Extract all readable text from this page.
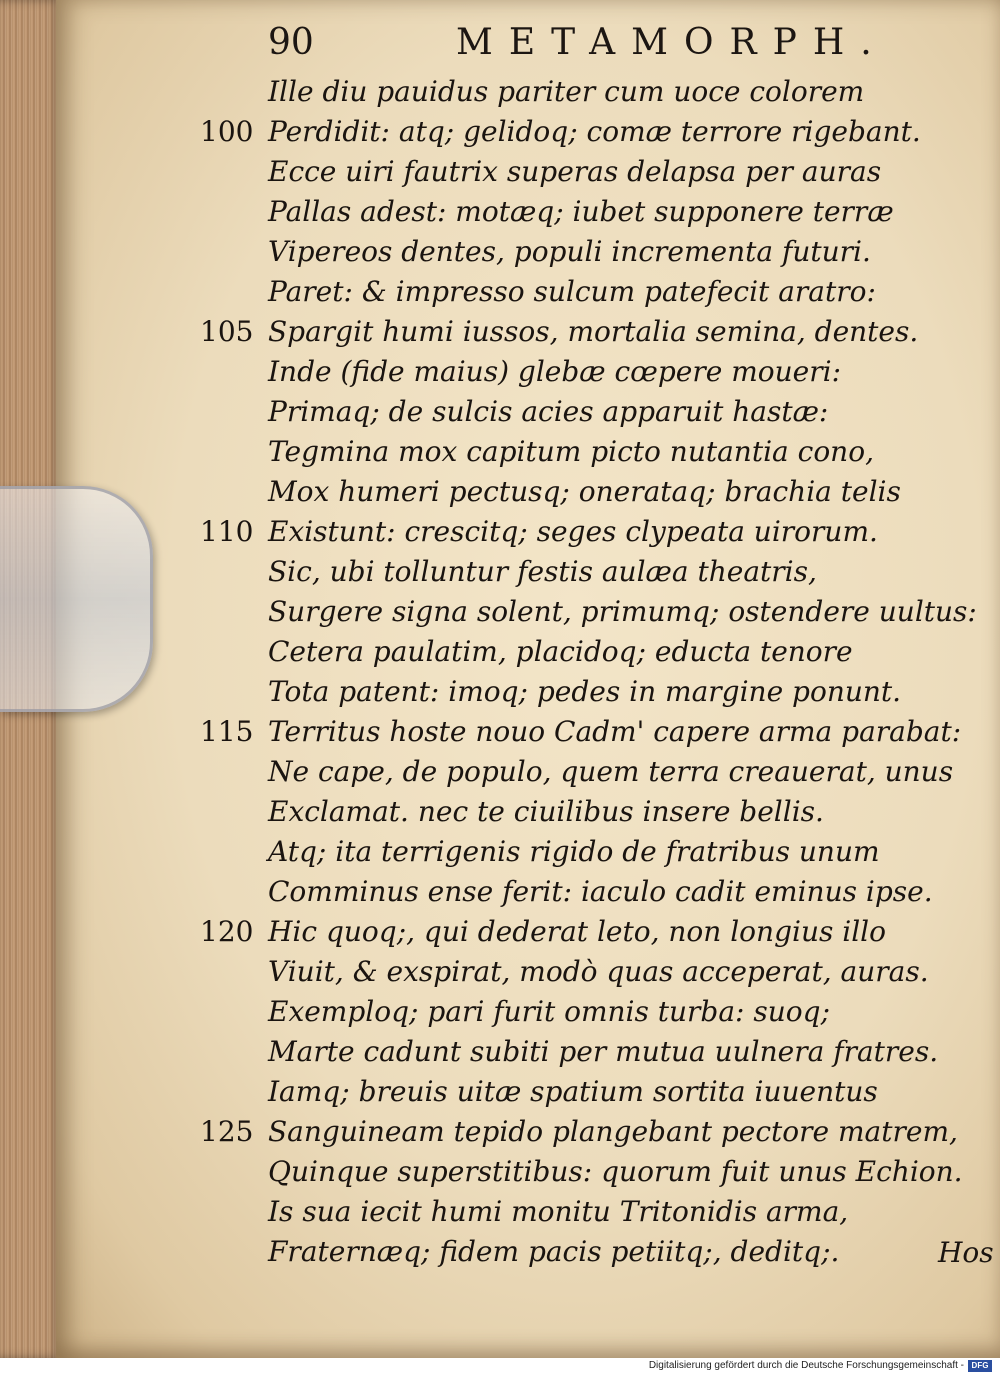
90	METAMORPH.
Ille diu pauidus pariter cum uoce colorem
100 Perdidit: atq; gelidoq; comæ terrore rigebant.
Ecce uiri fautrix superas delapsa per auras
Pallas adest: motæq; iubet supponere terræ
Vipereos dentes, populi incrementa futuri.
Paret: & impresso sulcum patefecit aratro:
105 Spargit humi iussos, mortalia semina, dentes.
Inde (fide maius) glebæ cœpere moueri:
Primaq; de sulcis acies apparuit hastæ:
Tegmina mox capitum picto nutantia cono,
Mox humeri pectusq; onerataq; brachia telis
110 Existunt: crescitq; seges clypeata uirorum.
Sic, ubi tolluntur festis aulæa theatris,
Surgere signa solent, primumq; ostendere uultus:
Cetera paulatim, placidoq; educta tenore
Tota patent: imoq; pedes in margine ponunt.
115 Territus hoste nouo Cadm' capere arma parabat:
Ne cape, de populo, quem terra creauerat, unus
Exclamat. nec te ciuilibus insere bellis.
Atq; ita terrigenis rigido de fratribus unum
Comminus ense ferit: iaculo cadit eminus ipse.
120 Hic quoq;, qui dederat leto, non longius illo
Viuit, & exspirat, modò quas acceperat, auras.
Exemploq; pari furit omnis turba: suoq;
Marte cadunt subiti per mutua uulnera fratres.
Iamq; breuis uitæ spatium sortita iuuentus
125 Sanguineam tepido plangebant pectore matrem,
Quinque superstitibus: quorum fuit unus Echion.
Is sua iecit humi monitu Tritonidis arma,
Fraternæq; fidem pacis petiitq;, deditq;.	Hos
Digitalisierung gefördert durch die Deutsche Forschungsgemeinschaft - DFG
